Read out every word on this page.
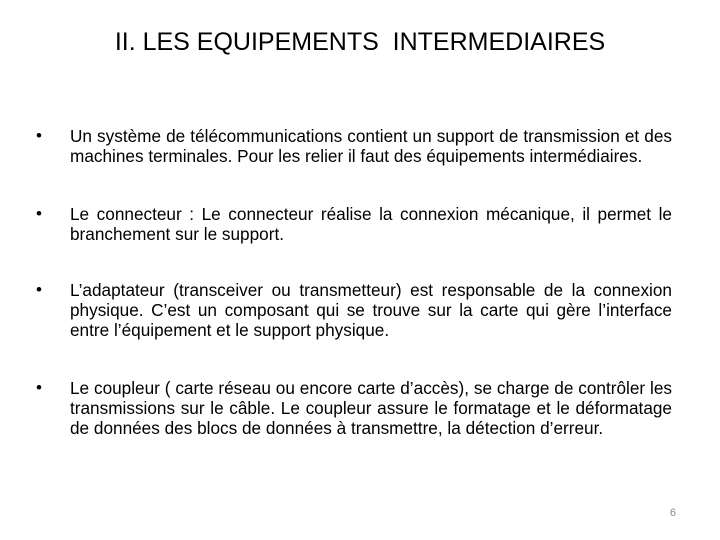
II. LES EQUIPEMENTS  INTERMEDIAIRES
•	Un système de télécommunications contient un support de transmission et des machines terminales. Pour les relier il faut des équipements intermédiaires.
•	Le connecteur : Le connecteur réalise la connexion mécanique, il permet le branchement sur le support.
•	L’adaptateur (transceiver ou transmetteur) est responsable de la connexion physique. C’est un composant qui se trouve sur la carte qui gère l’interface entre l’équipement et le support physique.
•	Le coupleur ( carte réseau ou encore carte d’accès), se charge de contrôler les transmissions sur le câble. Le coupleur assure le formatage et le déformatage de données des blocs de données à transmettre, la détection d’erreur.
6
